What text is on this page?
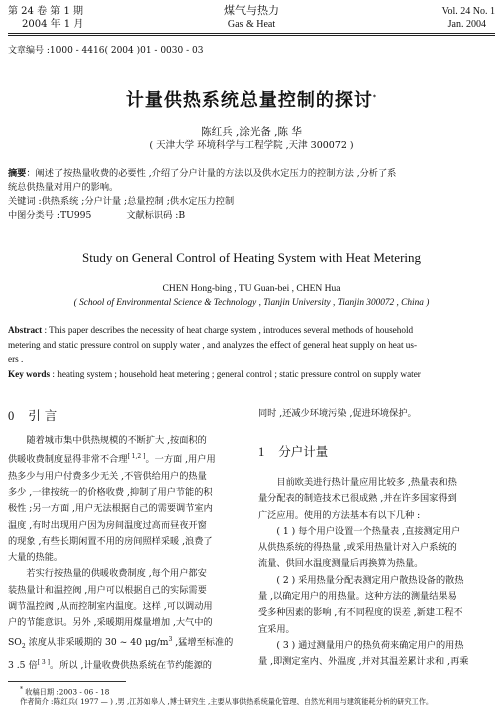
第 24 卷 第 1 期
2004 年 1 月
煤气与热力
Gas & Heat
Vol. 24 No. 1
Jan. 2004
文章编号 :1000 - 4416( 2004 )01 - 0030 - 03
计量供热系统总量控制的探讨*
陈红兵 ,涂光备 ,陈 华
( 天津大学 环境科学与工程学院 ,天津 300072 )
摘要：阐述了按热量收费的必要性 ,介绍了分户计量的方法以及供水定压力的控制方法 ,分析了系
统总供热量对用户的影响。
关键词 :供热系统 ;分户计量 ;总量控制 ;供水定压力控制
中图分类号 :TU995	文献标识码 :B
Study on General Control of Heating System with Heat Metering
CHEN Hong-bing , TU Guan-bei , CHEN Hua
( School of Environmental Science & Technology , Tianjin University , Tianjin 300072 , China )
Abstract : This paper describes the necessity of heat charge system , introduces several methods of household
metering and static pressure control on supply water , and analyzes the effect of general heat supply on heat us-
ers .
Key words : heating system ; household heat metering ; general control ; static pressure control on supply water
0 引 言

随着城市集中供热规模的不断扩大 ,按面积的

供暖收费制度显得非常不合理[ 1,2 ]。一方面 ,用户用

热多少与用户付费多少无关 ,不管供给用户的热量

多少 ,一律按统一的价格收费 ,抑制了用户节能的积

极性 ;另一方面 ,用户无法根据自己的需要调节室内

温度 ,有时出现用户因为房间温度过高而昼夜开窗

的现象 ,有些长期闲置不用的房间照样采暖 ,浪费了

大量的热能。

若实行按热量的供暖收费制度 ,每个用户都安

装热量计和温控阀 ,用户可以根据自己的实际需要

调节温控阀 ,从而控制室内温度。这样 ,可以调动用

户的节能意识。另外 ,采暖期用煤量增加 ,大气中的

$SO_2$ 浓度从非采暖期的 30 ~ 40 $\mu g/m^3$ ,猛增至标准的

3 .5 倍[ 3 ]。所以 ,计量收费供热系统在节约能源的

同时 ,还减少环境污染 ,促进环境保护。

1 分户计量

目前欧美进行热计量应用比较多 ,热量表和热

量分配表的制造技术已很成熟 ,并在许多国家得到

广泛应用。使用的方法基本有以下几种 :

( 1 ) 每个用户设置一个热量表 ,直接测定用户

从供热系统的得热量 ,或采用热量计对入户系统的

流量、供回水温度测量后再换算为热量。

( 2 ) 采用热量分配表测定用户散热设备的散热

量 ,以确定用户的用热量。这种方法的测量结果易

受多种因素的影响 ,有不同程度的误差 ,新建工程不

宜采用。

( 3 ) 通过测量用户的热负荷来确定用户的用热

量 ,即测定室内、外温度 ,并对其温差累计求和 ,再乘

* 收稿日期 :2003 - 06 - 18
作者简介 :陈红兵( 1977 — ) ,男 ,江苏如皋人 ,博士研究生 ,主要从事供热系统量化管理、自然光利用与建筑能耗分析的研究工作。
